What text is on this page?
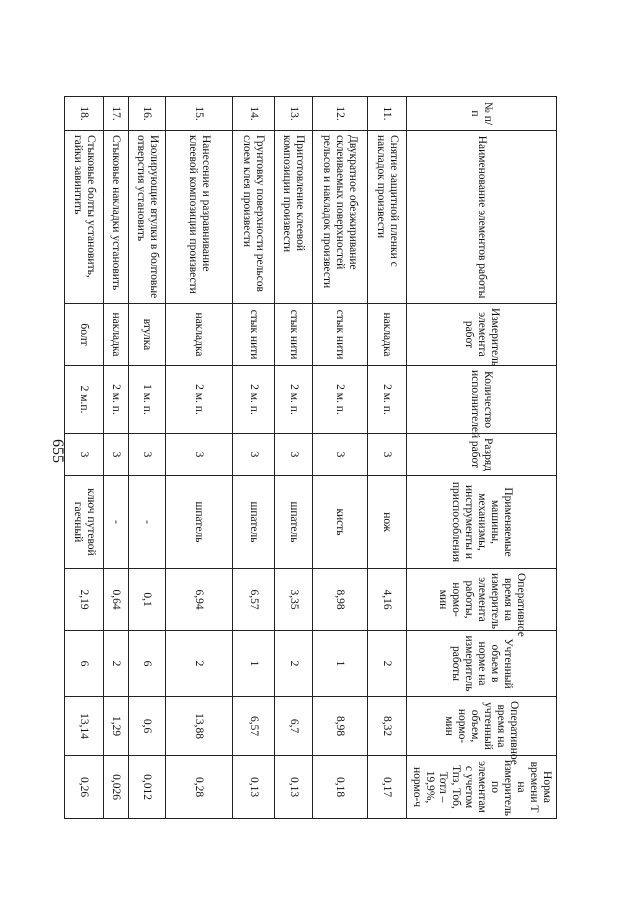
655
№ п/п	Наименование элементов работы	Измеритель элемента работ	Количество исполнителей	Разряд работ	Применяемые машины, механизмы, инструменты и приспособления	Оперативное время на измеритель элемента работы, нормо-мин	Учтенный объем в норме на измеритель работы	Оперативное время на учтенный объем, нормо-мин	Норма времени Т на измеритель по элементам с учетом Тпз, Тоб, Тотл – 19,9%, нормо-ч
11.	Снятие защитной пленки с накладок произвести	накладка	2 м. п.	3	нож	4,16	2	8,32	0,17
12.	Двукратное обезжиривание склеиваемых поверхностей рельсов и накладок произвести	стык нити	2 м. п.	3	кисть	8,98	1	8,98	0,18
13.	Приготовление клеевой композиции произвести	стык нити	2 м. п.	3	шпатель	3,35	2	6,7	0,13
14.	Грунтовку поверхности рельсов слоем клея произвести	стык нити	2 м. п.	3	шпатель	6,57	1	6,57	0,13
15.	Нанесение и разравнивание клеевой композиции произвести	накладка	2 м. п.	3	шпатель	6,94	2	13,88	0,28
16.	Изолирующие втулки в болтовые отверстия установить	втулка	1 м. п.	3	-	0,1	6	0,6	0,012
17.	Стыковые накладки установить	накладка	2 м. п.	3	-	0,64	2	1,29	0,026
18.	Стыковые болты установить, гайки завинтить	болт	2 м.п.	3	ключ путевой гаечный	2,19	6	13,14	0,26
